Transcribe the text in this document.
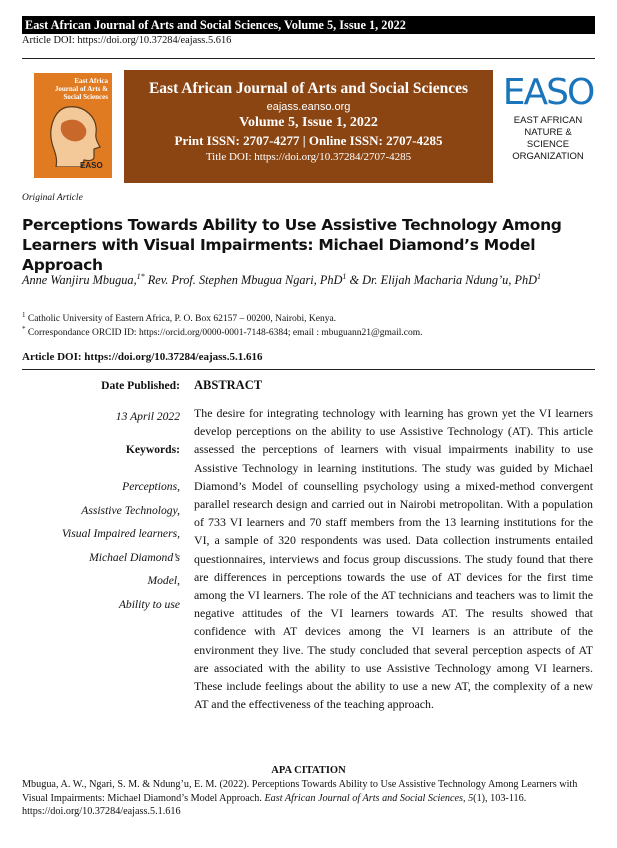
East African Journal of Arts and Social Sciences, Volume 5, Issue 1, 2022
Article DOI: https://doi.org/10.37284/eajass.5.616
East Africa
Journal of Arts &
Social Sciences
EASO
East African Journal of Arts and Social Sciences
eajass.eanso.org
Volume 5, Issue 1, 2022
Print ISSN: 2707-4277 | Online ISSN: 2707-4285
Title DOI: https://doi.org/10.37284/2707-4285
EASO
EAST AFRICAN
NATURE &
SCIENCE
ORGANIZATION
Original Article
Perceptions Towards Ability to Use Assistive Technology Among Learners with Visual Impairments: Michael Diamond’s Model Approach
Anne Wanjiru Mbugua,$^{1*}$ Rev. Prof. Stephen Mbugua Ngari, PhD$^1$ & Dr. Elijah Macharia Ndung’u, PhD$^1$
$^1$ Catholic University of Eastern Africa, P. O. Box 62157 – 00200, Nairobi, Kenya.
* Correspondance ORCID ID: https://orcid.org/0000-0001-7148-6384; email : mbuguann21@gmail.com.
Article DOI: https://doi.org/10.37284/eajass.5.1.616
Date Published:
13 April 2022
Keywords:
Perceptions,
Assistive Technology,
Visual Impaired learners,
Michael Diamond’s
Model,
Ability to use
ABSTRACT
The desire for integrating technology with learning has grown yet the VI learners develop perceptions on the ability to use Assistive Technology (AT). This article assessed the perceptions of learners with visual impairments inability to use Assistive Technology in learning institutions. The study was guided by Michael Diamond’s Model of counselling psychology using a mixed-method convergent parallel research design and carried out in Nairobi metropolitan. With a population of 733 VI learners and 70 staff members from the 13 learning institutions for the VI, a sample of 320 respondents was used. Data collection instruments entailed questionnaires, interviews and focus group discussions. The study found that there are differences in perceptions towards the use of AT devices for the first time among the VI learners. The role of the AT technicians and teachers was to limit the negative attitudes of the VI learners towards AT. The results showed that confidence with AT devices among the VI learners is an attribute of the environment they live. The study concluded that several perception aspects of AT are associated with the ability to use Assistive Technology among VI learners. These include feelings about the ability to use a new AT, the complexity of a new AT and the effectiveness of the teaching approach.
APA CITATION
Mbugua, A. W., Ngari, S. M. & Ndung’u, E. M. (2022). Perceptions Towards Ability to Use Assistive Technology Among Learners with Visual Impairments: Michael Diamond’s Model Approach. East African Journal of Arts and Social Sciences, 5(1), 103-116. https://doi.org/10.37284/eajass.5.1.616
